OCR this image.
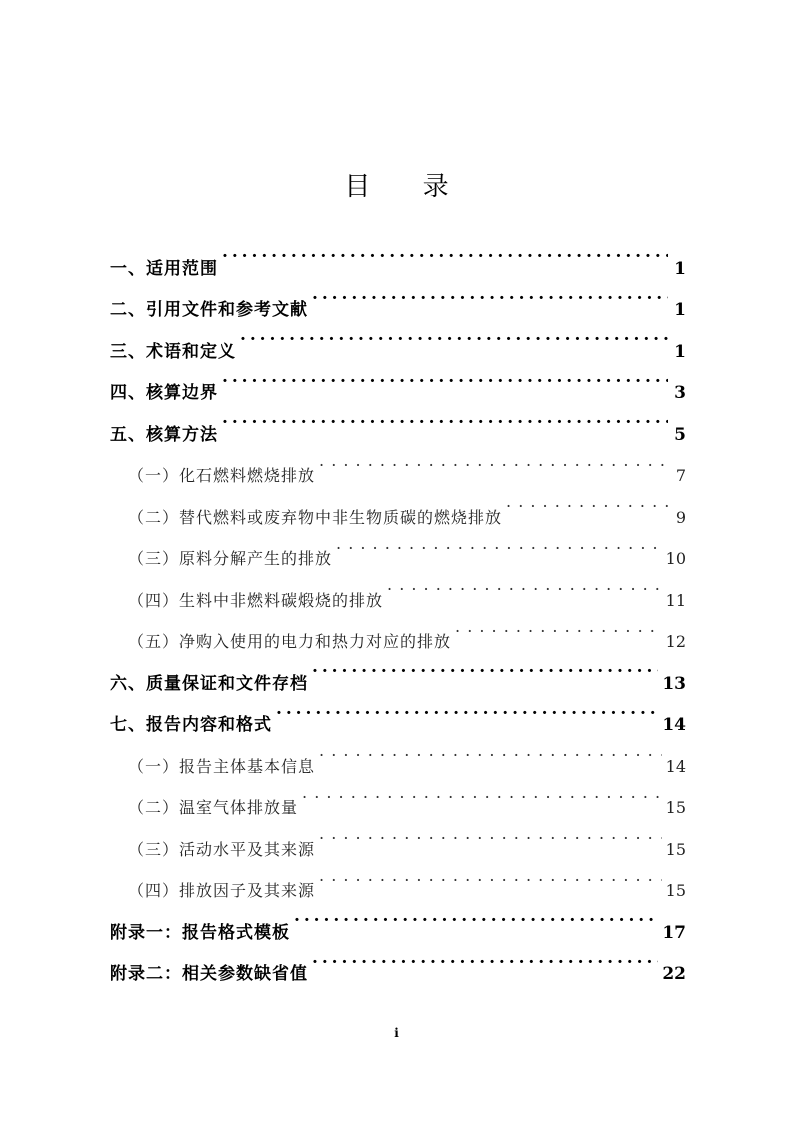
目 录
一、适用范围 . . .	1
二、引用文件和参考文献 . . .	1
三、术语和定义 . . .	1
四、核算边界 . . .	3
五、核算方法 . . .	5
（一）化石燃料燃烧排放 . . .	7
（二）替代燃料或废弃物中非生物质碳的燃烧排放 . . .	9
（三）原料分解产生的排放 . . .	10
（四）生料中非燃料碳煅烧的排放 . . .	11
（五）净购入使用的电力和热力对应的排放 . . .	12
六、质量保证和文件存档 . . .	13
七、报告内容和格式 . . .	14
（一）报告主体基本信息 . . .	14
（二）温室气体排放量 . . .	15
（三）活动水平及其来源 . . .	15
（四）排放因子及其来源 . . .	15
附录一：报告格式模板 . . .	17
附录二：相关参数缺省值 . . .	22
i
